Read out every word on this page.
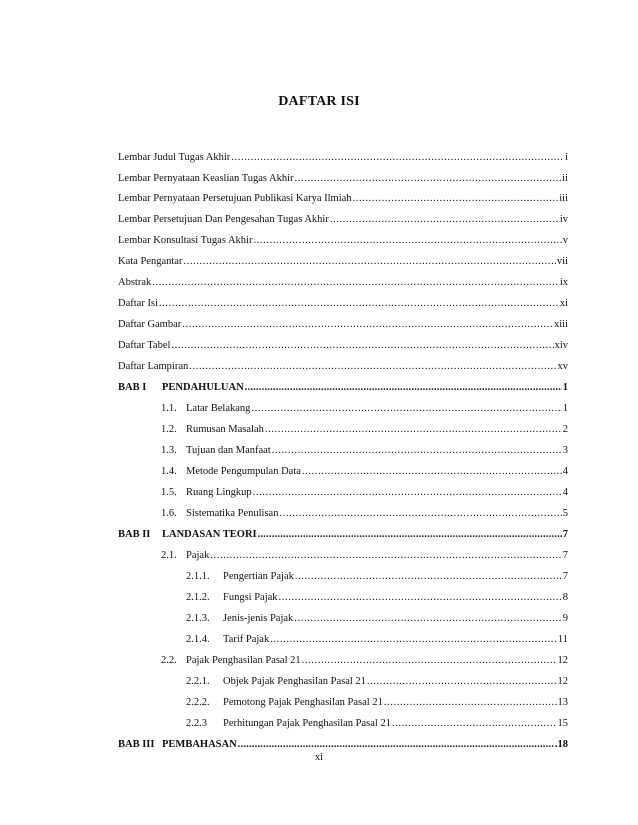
DAFTAR ISI
Lembar Judul Tugas Akhir .....	i
Lembar Pernyataan Keaslian Tugas Akhir .....	ii
Lembar Pernyataan Persetujuan Publikasi Karya Ilmiah .....	iii
Lembar Persetujuan Dan Pengesahan Tugas Akhir .....	iv
Lembar Konsultasi Tugas Akhir .....	v
Kata Pengantar .....	vii
Abstrak .....	ix
Daftar Isi .....	xi
Daftar Gambar .....	xiii
Daftar Tabel .....	xiv
Daftar Lampiran .....	xv
BAB I PENDAHULUAN .....	1
1.1. Latar Belakang .....	1
1.2. Rumusan Masalah .....	2
1.3. Tujuan dan Manfaat .....	3
1.4. Metode Pengumpulan Data .....	4
1.5. Ruang Lingkup .....	4
1.6. Sistematika Penulisan .....	5
BAB II LANDASAN TEORI .....	7
2.1. Pajak .....	7
2.1.1. Pengertian Pajak .....	7
2.1.2. Fungsi Pajak .....	8
2.1.3. Jenis-jenis Pajak .....	9
2.1.4. Tarif Pajak .....	11
2.2. Pajak Penghasilan Pasal 21 .....	12
2.2.1. Objek Pajak Penghasilan Pasal 21 .....	12
2.2.2. Pemotong Pajak Penghasilan Pasal 21 .....	13
2.2.3 Perhitungan Pajak Penghasilan Pasal 21 .....	15
BAB III PEMBAHASAN .....	.18
xi
